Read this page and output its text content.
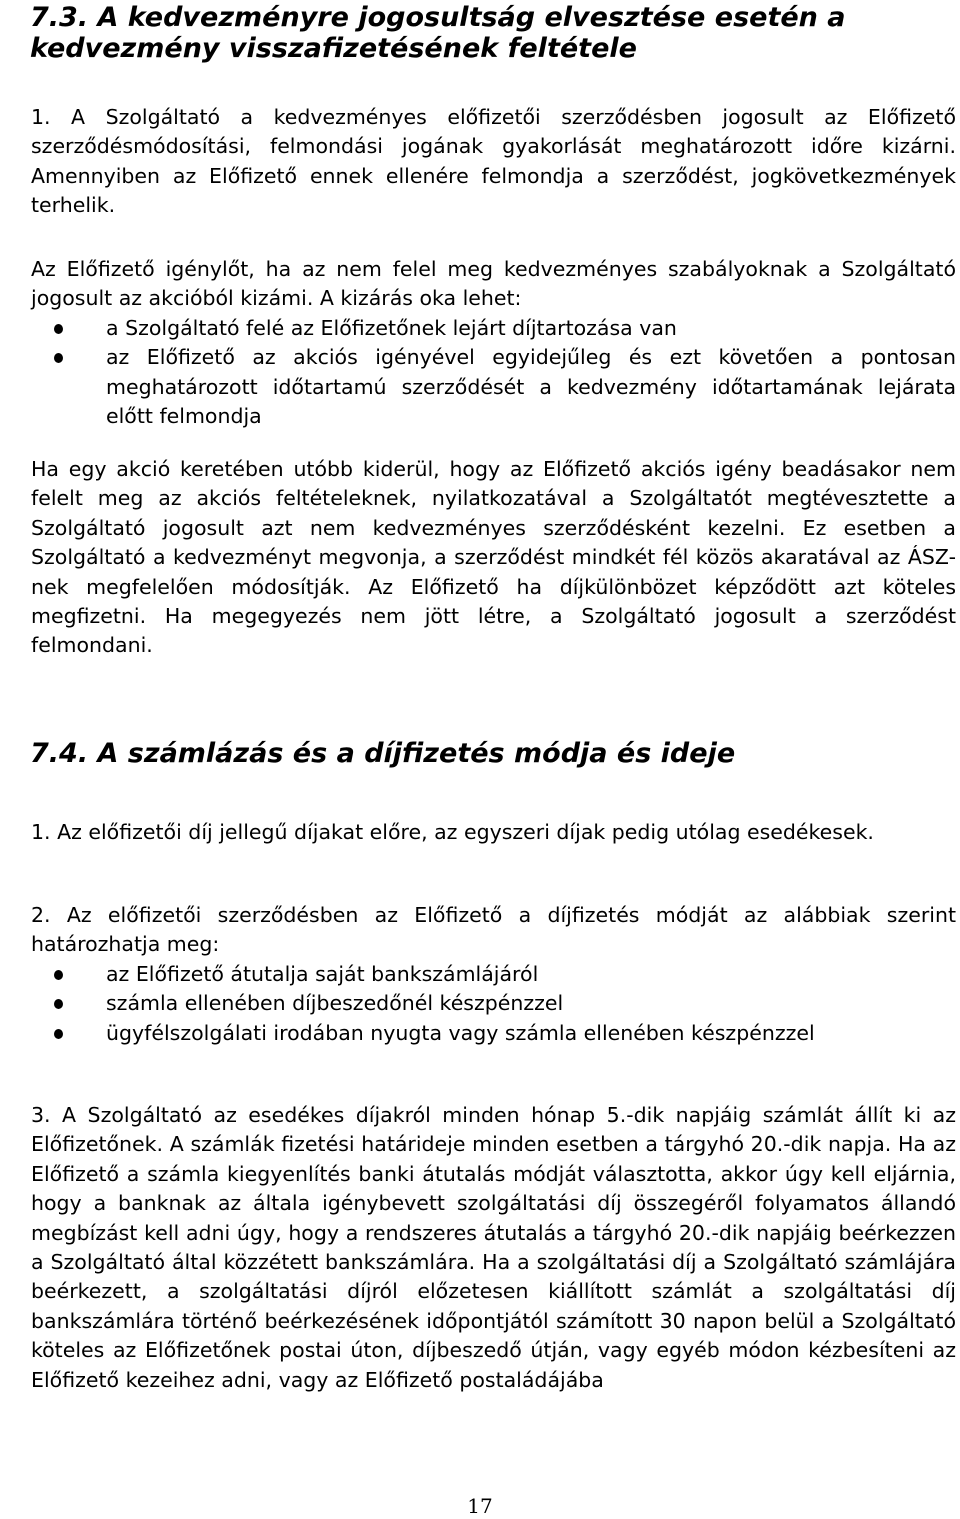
7.3. A kedvezményre jogosultság elvesztése esetén a kedvezmény visszafizetésének feltétele

1. A Szolgáltató a kedvezményes előfizetői szerződésben jogosult az Előfizető szerződésmódosítási, felmondási jogának gyakorlását meghatározott időre kizárni. Amennyiben az Előfizető ennek ellenére felmondja a szerződést, jogkövetkezmények terhelik.

Az Előfizető igénylőt, ha az nem felel meg kedvezményes szabályoknak a Szolgáltató jogosult az akcióból kizámi. A kizárás oka lehet:

a Szolgáltató felé az Előfizetőnek lejárt díjtartozása van
az Előfizető az akciós igényével egyidejűleg és ezt követően a pontosan meghatározott időtartamú szerződését a kedvezmény időtartamának lejárata előtt felmondja

Ha egy akció keretében utóbb kiderül, hogy az Előfizető akciós igény beadásakor nem felelt meg az akciós feltételeknek, nyilatkozatával a Szolgáltatót megtévesztette a Szolgáltató jogosult azt nem kedvezményes szerződésként kezelni. Ez esetben a Szolgáltató a kedvezményt megvonja, a szerződést mindkét fél közös akaratával az ÁSZ-nek megfelelően módosítják. Az Előfizető ha díjkülönbözet képződött azt köteles megfizetni. Ha megegyezés nem jött létre, a Szolgáltató jogosult a szerződést felmondani.

7.4. A számlázás és a díjfizetés módja és ideje

1. Az előfizetői díj jellegű díjakat előre, az egyszeri díjak pedig utólag esedékesek.

2. Az előfizetői szerződésben az Előfizető a díjfizetés módját az alábbiak szerint határozhatja meg:

az Előfizető átutalja saját bankszámlájáról
számla ellenében díjbeszedőnél készpénzzel
ügyfélszolgálati irodában nyugta vagy számla ellenében készpénzzel

3. A Szolgáltató az esedékes díjakról minden hónap 5.-dik napjáig számlát állít ki az Előfizetőnek. A számlák fizetési határideje minden esetben a tárgyhó 20.-dik napja. Ha az Előfizető a számla kiegyenlítés banki átutalás módját választotta, akkor úgy kell eljárnia, hogy a banknak az általa igénybevett szolgáltatási díj összegéről folyamatos állandó megbízást kell adni úgy, hogy a rendszeres átutalás a tárgyhó 20.-dik napjáig beérkezzen a Szolgáltató által közzétett bankszámlára. Ha a szolgáltatási díj a Szolgáltató számlájára beérkezett, a szolgáltatási díjról előzetesen kiállított számlát a szolgáltatási díj bankszámlára történő beérkezésének időpontjától számított 30 napon belül a Szolgáltató köteles az Előfizetőnek postai úton, díjbeszedő útján, vagy egyéb módon kézbesíteni az Előfizető kezeihez adni, vagy az Előfizető postaládájába

17
